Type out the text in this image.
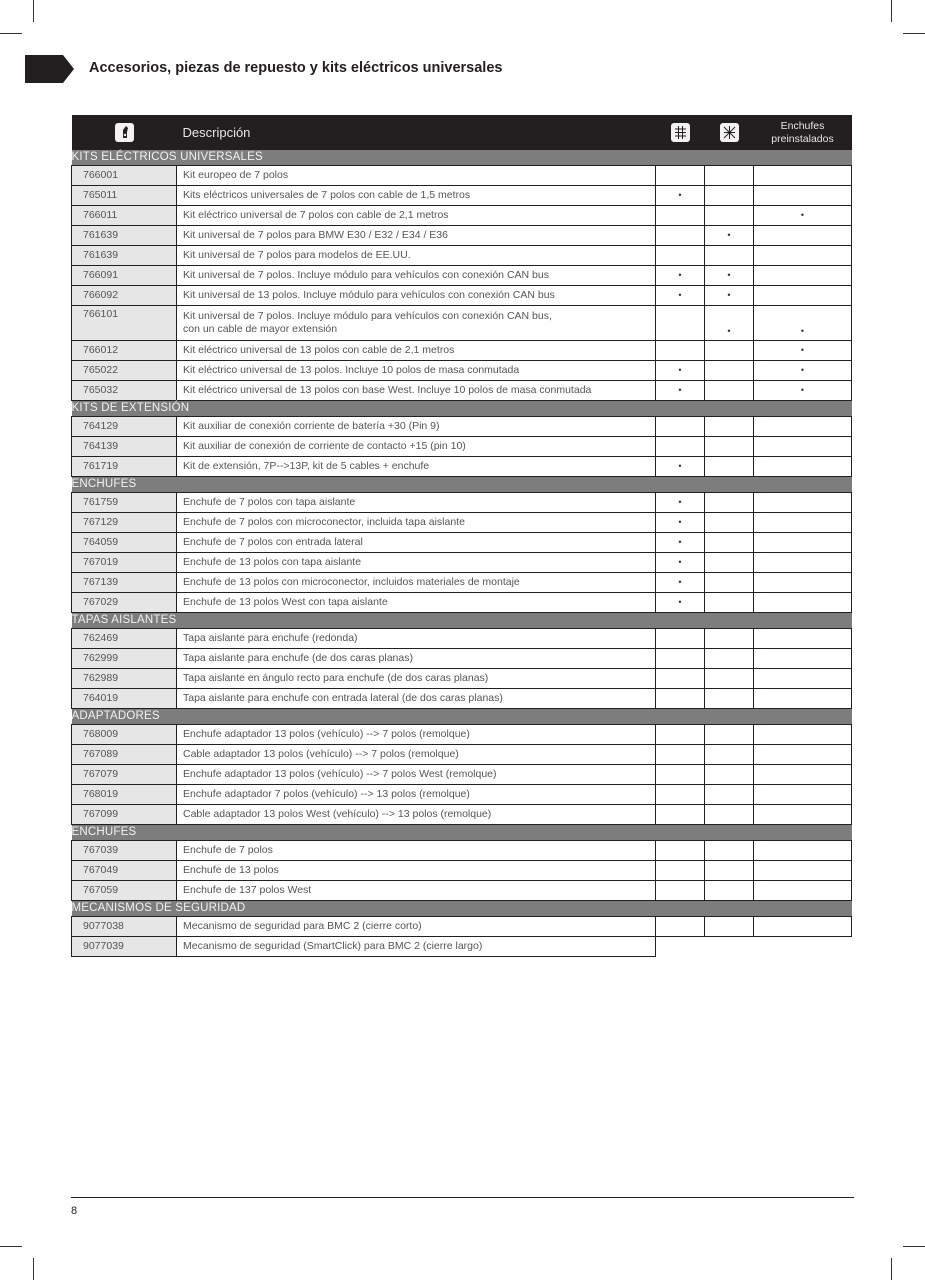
Accesorios, piezas de repuesto y kits eléctricos universales
	Descripción			Enchufes
preinstalados
KITS ELÉCTRICOS UNIVERSALES				
766001	Kit europeo de 7 polos			
765011	Kits eléctricos universales de 7 polos con cable de 1,5 metros	•		
766011	Kit eléctrico universal de 7 polos con cable de 2,1 metros			•
761639	Kit universal de 7 polos para BMW E30 / E32 / E34 / E36		•	
761639	Kit universal de 7 polos para modelos de EE.UU.			
766091	Kit universal de 7 polos. Incluye módulo para vehículos con conexión CAN bus	•	•	
766092	Kit universal de 13 polos. Incluye módulo para vehículos con conexión CAN bus	•	•	
766101	Kit universal de 7 polos. Incluye módulo para vehículos con conexión CAN bus,
con un cable de mayor extensión		•	•
766012	Kit eléctrico universal de 13 polos con cable de 2,1 metros			•
765022	Kit eléctrico universal de 13 polos. Incluye 10 polos de masa conmutada	•		•
765032	Kit eléctrico universal de 13 polos con base West. Incluye 10 polos de masa conmutada	•		•
KITS DE EXTENSIÓN				
764129	Kit auxiliar de conexión corriente de batería +30 (Pin 9)			
764139	Kit auxiliar de conexión de corriente de contacto +15 (pin 10)			
761719	Kit de extensión, 7P-->13P, kit de 5 cables + enchufe	•		
ENCHUFES				
761759	Enchufe de 7 polos con tapa aislante	•		
767129	Enchufe de 7 polos con microconector, incluida tapa aislante	•		
764059	Enchufe de 7 polos con entrada lateral	•		
767019	Enchufe de 13 polos con tapa aislante	•		
767139	Enchufe de 13 polos con microconector, incluidos materiales de montaje	•		
767029	Enchufe de 13 polos West con tapa aislante	•		
TAPAS AISLANTES				
762469	Tapa aislante para enchufe (redonda)			
762999	Tapa aislante para enchufe (de dos caras planas)			
762989	Tapa aislante en ángulo recto para enchufe (de dos caras planas)			
764019	Tapa aislante para enchufe con entrada lateral (de dos caras planas)			
ADAPTADORES				
768009	Enchufe adaptador 13 polos (vehículo) --> 7 polos (remolque)			
767089	Cable adaptador 13 polos (vehículo) --> 7 polos (remolque)			
767079	Enchufe adaptador 13 polos (vehículo) --> 7 polos West (remolque)			
768019	Enchufe adaptador 7 polos (vehículo) --> 13 polos (remolque)			
767099	Cable adaptador 13 polos West (vehículo) --> 13 polos (remolque)			
ENCHUFES				
767039	Enchufe de 7 polos			
767049	Enchufe de 13 polos			
767059	Enchufe de 137 polos West			
MECANISMOS DE SEGURIDAD				
9077038	Mecanismo de seguridad para BMC 2 (cierre corto)			
9077039	Mecanismo de seguridad (SmartClick) para BMC 2 (cierre largo)			
8
